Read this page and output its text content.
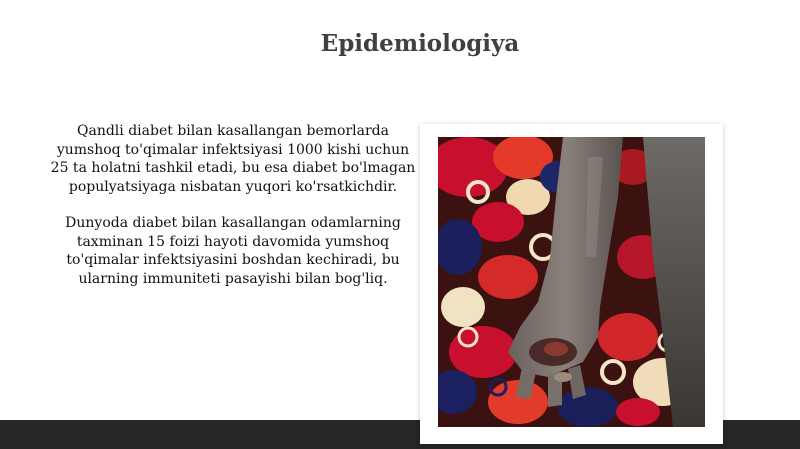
Epidemiologiya

Qandli diabet bilan kasallangan bemorlarda yumshoq to'qimalar infektsiyasi 1000 kishi uchun 25 ta holatni tashkil etadi, bu esa diabet bo'lmagan populyatsiyaga nisbatan yuqori ko'rsatkichdir.

Dunyoda diabet bilan kasallangan odamlarning taxminan 15 foizi hayoti davomida yumshoq to'qimalar infektsiyasini boshdan kechiradi, bu ularning immuniteti pasayishi bilan bog'liq.
